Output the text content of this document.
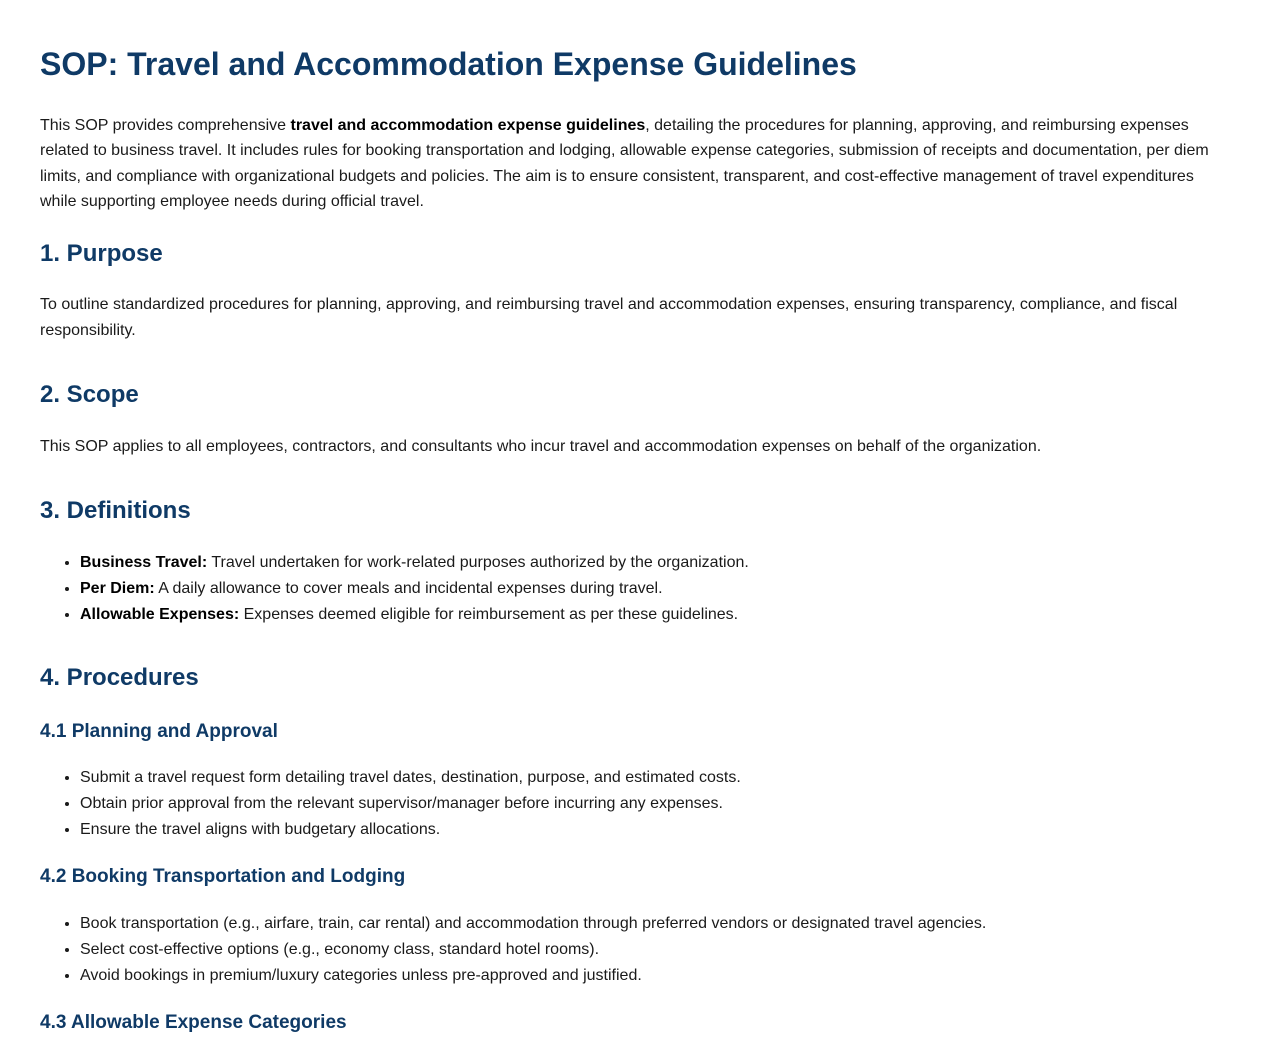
SOP: Travel and Accommodation Expense Guidelines

This SOP provides comprehensive travel and accommodation expense guidelines, detailing the procedures for planning, approving, and reimbursing expenses related to business travel. It includes rules for booking transportation and lodging, allowable expense categories, submission of receipts and documentation, per diem limits, and compliance with organizational budgets and policies. The aim is to ensure consistent, transparent, and cost-effective management of travel expenditures while supporting employee needs during official travel.

1. Purpose

To outline standardized procedures for planning, approving, and reimbursing travel and accommodation expenses, ensuring transparency, compliance, and fiscal responsibility.

2. Scope

This SOP applies to all employees, contractors, and consultants who incur travel and accommodation expenses on behalf of the organization.

3. Definitions
• Business Travel: Travel undertaken for work-related purposes authorized by the organization.
• Per Diem: A daily allowance to cover meals and incidental expenses during travel.
• Allowable Expenses: Expenses deemed eligible for reimbursement as per these guidelines.
4. Procedures
4.1 Planning and Approval
• Submit a travel request form detailing travel dates, destination, purpose, and estimated costs.
• Obtain prior approval from the relevant supervisor/manager before incurring any expenses.
• Ensure the travel aligns with budgetary allocations.
4.2 Booking Transportation and Lodging
• Book transportation (e.g., airfare, train, car rental) and accommodation through preferred vendors or designated travel agencies.
• Select cost-effective options (e.g., economy class, standard hotel rooms).
• Avoid bookings in premium/luxury categories unless pre-approved and justified.
4.3 Allowable Expense Categories
